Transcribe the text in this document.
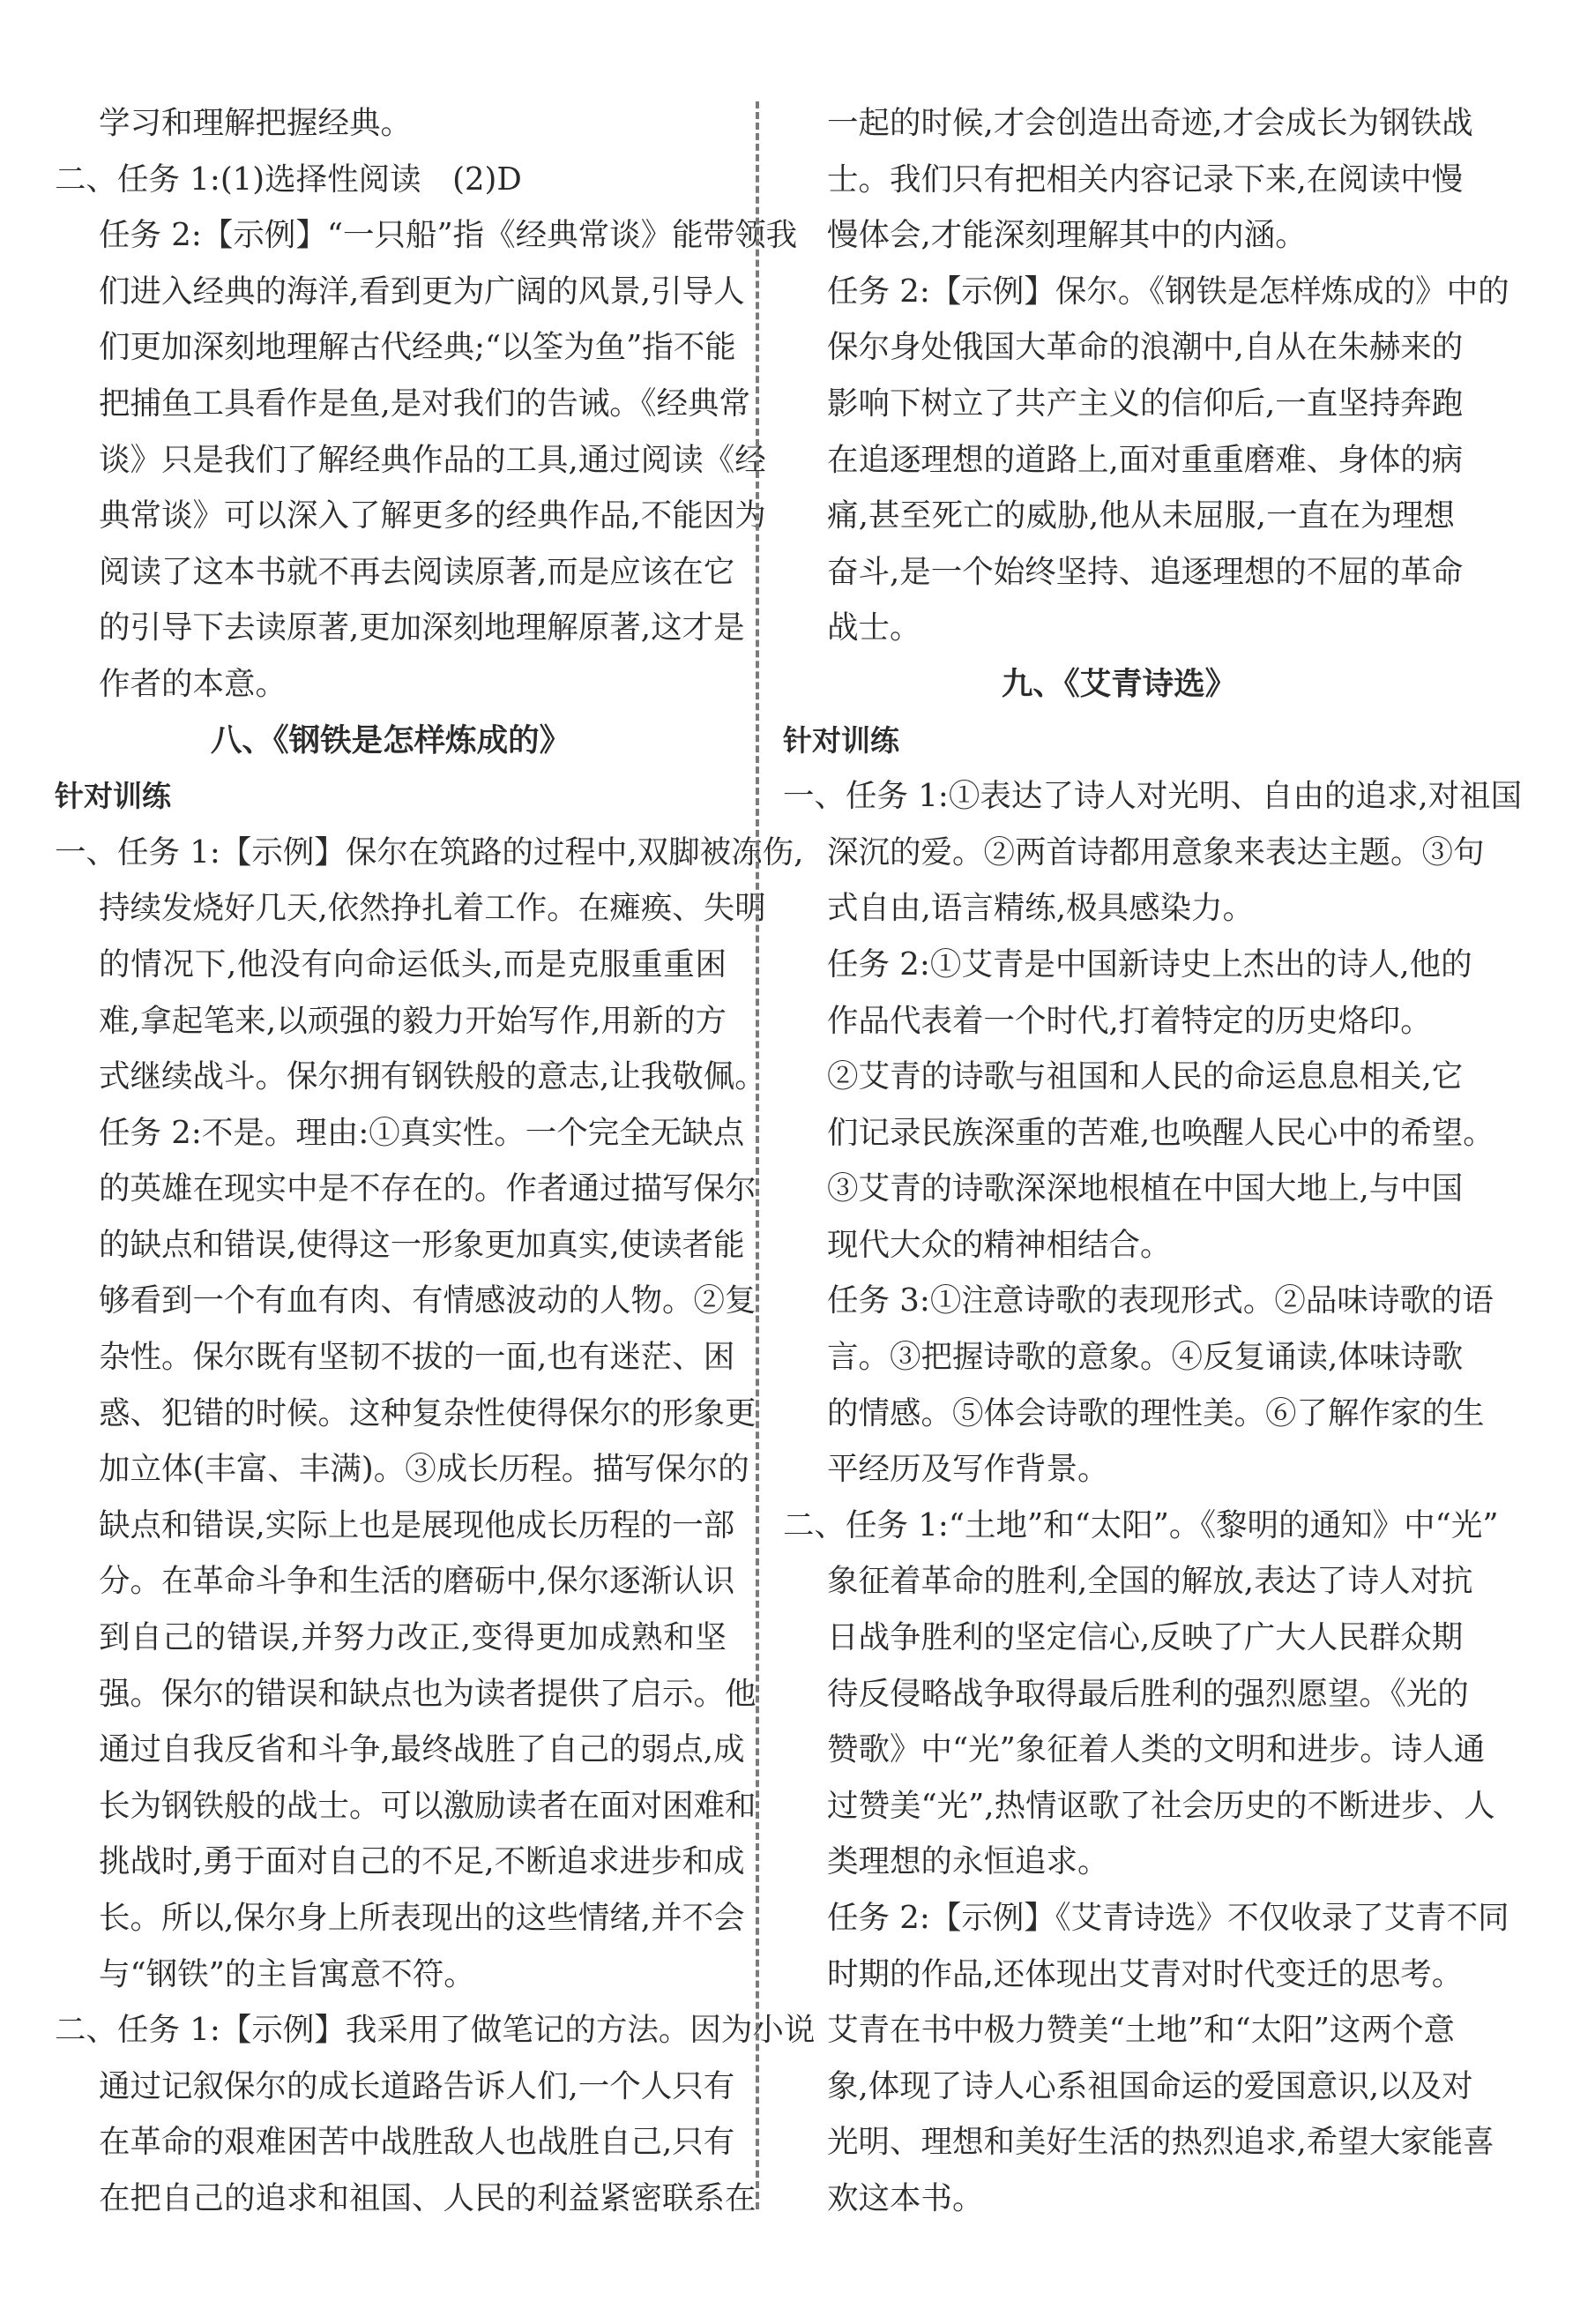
学习和理解把握经典。
二、任务 1:(1)选择性阅读　(2)D
任务 2:【示例】“一只船”指《经典常谈》能带领我
们进入经典的海洋,看到更为广阔的风景,引导人
们更加深刻地理解古代经典;“以筌为鱼”指不能
把捕鱼工具看作是鱼,是对我们的告诫。《经典常
谈》只是我们了解经典作品的工具,通过阅读《经
典常谈》可以深入了解更多的经典作品,不能因为
阅读了这本书就不再去阅读原著,而是应该在它
的引导下去读原著,更加深刻地理解原著,这才是
作者的本意。
八、《钢铁是怎样炼成的》
针对训练
一、任务 1:【示例】保尔在筑路的过程中,双脚被冻伤,
持续发烧好几天,依然挣扎着工作。在瘫痪、失明
的情况下,他没有向命运低头,而是克服重重困
难,拿起笔来,以顽强的毅力开始写作,用新的方
式继续战斗。保尔拥有钢铁般的意志,让我敬佩。
任务 2:不是。理由:①真实性。一个完全无缺点
的英雄在现实中是不存在的。作者通过描写保尔
的缺点和错误,使得这一形象更加真实,使读者能
够看到一个有血有肉、有情感波动的人物。②复
杂性。保尔既有坚韧不拔的一面,也有迷茫、困
惑、犯错的时候。这种复杂性使得保尔的形象更
加立体(丰富、丰满)。③成长历程。描写保尔的
缺点和错误,实际上也是展现他成长历程的一部
分。在革命斗争和生活的磨砺中,保尔逐渐认识
到自己的错误,并努力改正,变得更加成熟和坚
强。保尔的错误和缺点也为读者提供了启示。他
通过自我反省和斗争,最终战胜了自己的弱点,成
长为钢铁般的战士。可以激励读者在面对困难和
挑战时,勇于面对自己的不足,不断追求进步和成
长。所以,保尔身上所表现出的这些情绪,并不会
与“钢铁”的主旨寓意不符。
二、任务 1:【示例】我采用了做笔记的方法。因为小说
通过记叙保尔的成长道路告诉人们,一个人只有
在革命的艰难困苦中战胜敌人也战胜自己,只有
在把自己的追求和祖国、人民的利益紧密联系在
一起的时候,才会创造出奇迹,才会成长为钢铁战
士。我们只有把相关内容记录下来,在阅读中慢
慢体会,才能深刻理解其中的内涵。
任务 2:【示例】保尔。《钢铁是怎样炼成的》中的
保尔身处俄国大革命的浪潮中,自从在朱赫来的
影响下树立了共产主义的信仰后,一直坚持奔跑
在追逐理想的道路上,面对重重磨难、身体的病
痛,甚至死亡的威胁,他从未屈服,一直在为理想
奋斗,是一个始终坚持、追逐理想的不屈的革命
战士。
九、《艾青诗选》
针对训练
一、任务 1:①表达了诗人对光明、自由的追求,对祖国
深沉的爱。②两首诗都用意象来表达主题。③句
式自由,语言精练,极具感染力。
任务 2:①艾青是中国新诗史上杰出的诗人,他的
作品代表着一个时代,打着特定的历史烙印。
②艾青的诗歌与祖国和人民的命运息息相关,它
们记录民族深重的苦难,也唤醒人民心中的希望。
③艾青的诗歌深深地根植在中国大地上,与中国
现代大众的精神相结合。
任务 3:①注意诗歌的表现形式。②品味诗歌的语
言。③把握诗歌的意象。④反复诵读,体味诗歌
的情感。⑤体会诗歌的理性美。⑥了解作家的生
平经历及写作背景。
二、任务 1:“土地”和“太阳”。《黎明的通知》中“光”
象征着革命的胜利,全国的解放,表达了诗人对抗
日战争胜利的坚定信心,反映了广大人民群众期
待反侵略战争取得最后胜利的强烈愿望。《光的
赞歌》中“光”象征着人类的文明和进步。诗人通
过赞美“光”,热情讴歌了社会历史的不断进步、人
类理想的永恒追求。
任务 2:【示例】《艾青诗选》不仅收录了艾青不同
时期的作品,还体现出艾青对时代变迁的思考。
艾青在书中极力赞美“土地”和“太阳”这两个意
象,体现了诗人心系祖国命运的爱国意识,以及对
光明、理想和美好生活的热烈追求,希望大家能喜
欢这本书。
